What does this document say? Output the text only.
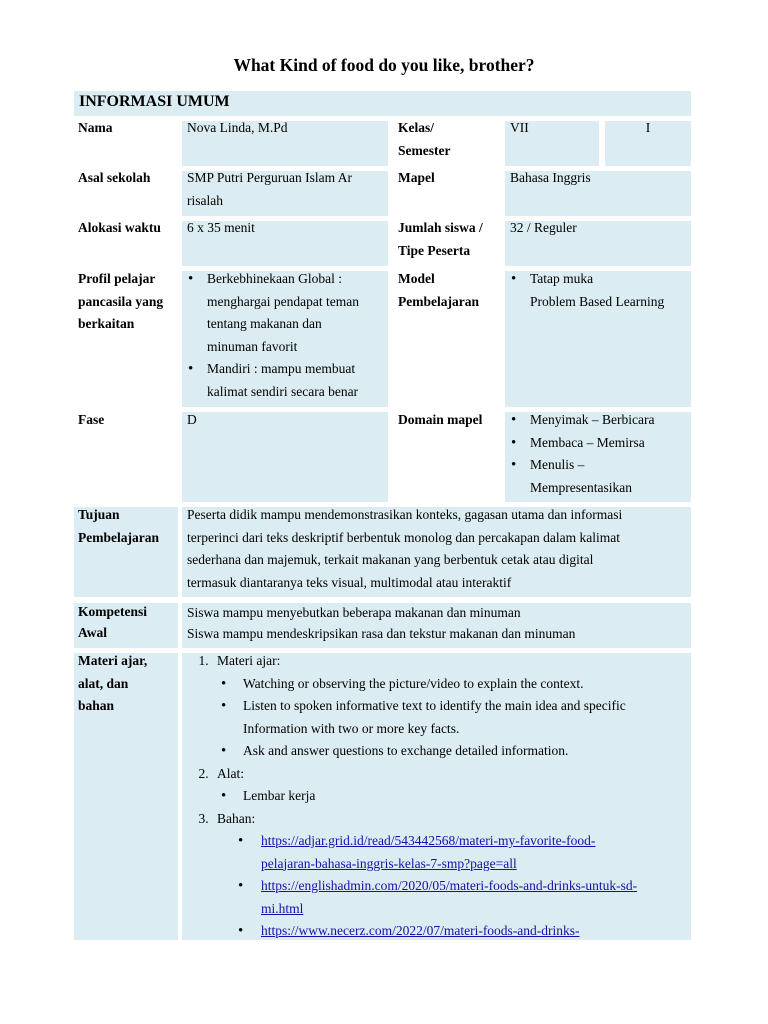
What Kind of food do you like, brother?
INFORMASI UMUM
Nama	Nova Linda, M.Pd	Kelas/
Semester
VII	I
Asal sekolah	SMP Putri Perguruan Islam Ar
risalah
Mapel	Bahasa Inggris
Alokasi waktu	6 x 35 menit	Jumlah siswa /
Tipe Peserta
32 / Reguler
Profil pelajar
pancasila yang
berkaitan
• Berkebhinekaan Global :
menghargai pendapat teman
tentang makanan dan
minuman favorit
• Mandiri : mampu membuat
kalimat sendiri secara benar
Model
Pembelajaran
• Tatap muka
Problem Based Learning
Fase	D	Domain mapel
•	Menyimak – Berbicara
• Membaca – Memirsa
• Menulis –
Mempresentasikan
Tujuan
Pembelajaran
Peserta didik mampu mendemonstrasikan konteks, gagasan utama dan informasi
terperinci dari teks deskriptif berbentuk monolog dan percakapan dalam kalimat
sederhana dan majemuk, terkait makanan yang berbentuk cetak atau digital
termasuk diantaranya teks visual, multimodal atau interaktif
Kompetensi
Awal
Siswa mampu menyebutkan beberapa makanan dan minuman
Siswa mampu mendeskripsikan rasa dan tekstur makanan dan minuman
Materi ajar,
alat, dan
bahan
1. Materi ajar:
• Watching or observing the picture/video to explain the context.
• Listen to spoken informative text to identify the main idea and specific
Information with two or more key facts.
• Ask and answer questions to exchange detailed information.
2. Alat:
• Lembar kerja
3. Bahan:
• https://adjar.grid.id/read/543442568/materi-my-favorite-food-
pelajaran-bahasa-inggris-kelas-7-smp?page=all
• https://englishadmin.com/2020/05/materi-foods-and-drinks-untuk-sd-
mi.html
• https://www.necerz.com/2022/07/materi-foods-and-drinks-
